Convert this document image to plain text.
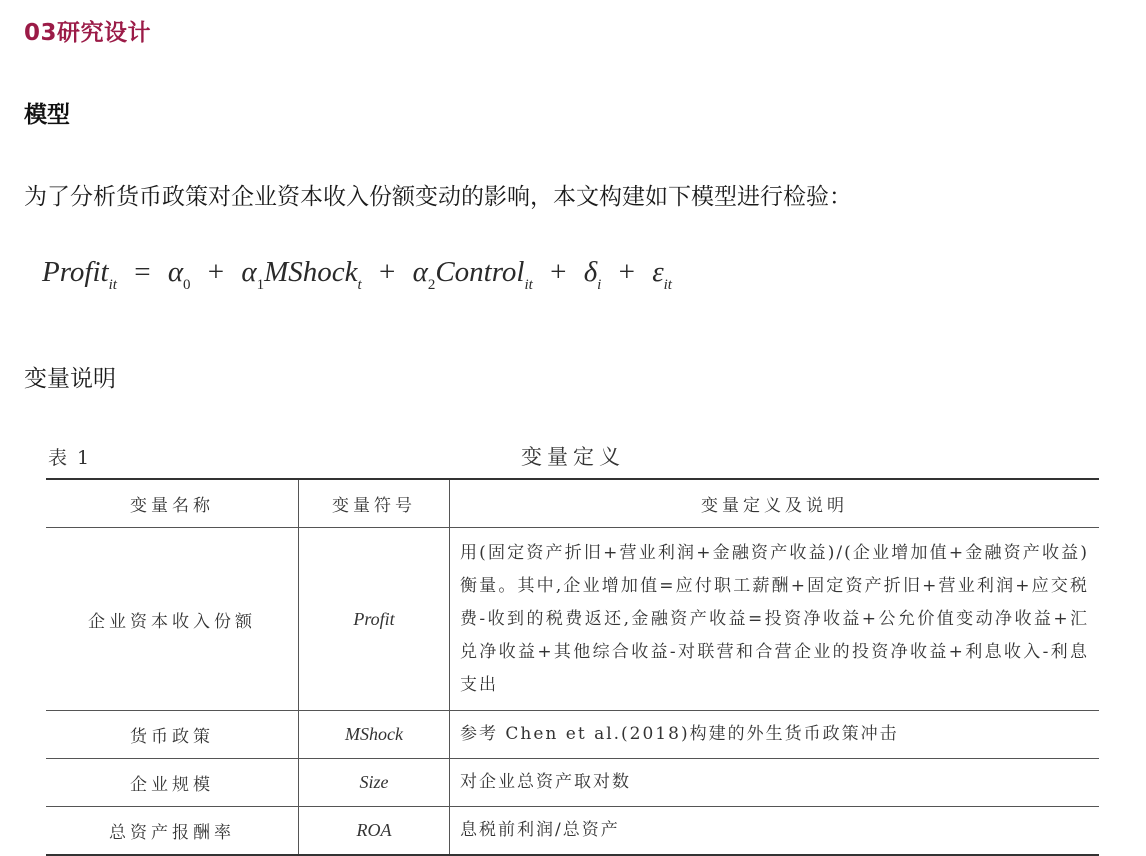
03研究设计
模型
为了分析货币政策对企业资本收入份额变动的影响，本文构建如下模型进行检验：
Profit$_{it}$ = $\alpha_0$ + $\alpha_1MShock_t$ + $\alpha_2Control_{it} + \delta_i + \varepsilon_{it}$
变量说明
表 1	变量定义
变量名称	变量符号	变量定义及说明
企业资本收入份额	Profit	用(固定资产折旧+营业利润+金融资产收益)/(企业增加值+金融资产收益)衡量。其中,企业增加值=应付职工薪酬+固定资产折旧+营业利润+应交税费-收到的税费返还,金融资产收益=投资净收益+公允价值变动净收益+汇兑净收益+其他综合收益-对联营和合营企业的投资净收益+利息收入-利息支出
货币政策	MShock	参考 Chen et al.(2018)构建的外生货币政策冲击
企业规模	Size	对企业总资产取对数
总资产报酬率	ROA	息税前利润/总资产
